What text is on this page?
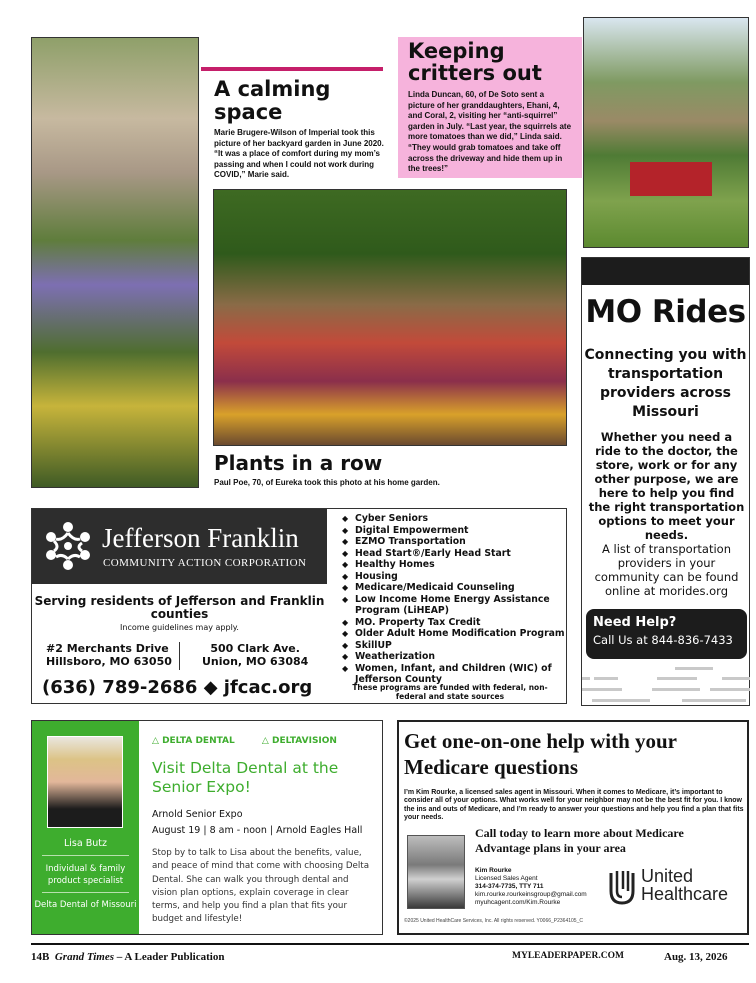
A calming space
Marie Brugere-Wilson of Imperial took this picture of her backyard garden in June 2020. “It was a place of comfort during my mom’s passing and when I could not work during COVID,” Marie said.
Keeping critters out
Linda Duncan, 60, of De Soto sent a picture of her granddaughters, Ehani, 4, and Coral, 2, visiting her “anti-squirrel” garden in July. “Last year, the squirrels ate more tomatoes than we did,” Linda said. “They would grab tomatoes and take off across the driveway and hide them up in the trees!”
Plants in a row
Paul Poe, 70, of Eureka took this photo at his home garden.
MO Rides
Connecting you with transportation providers across Missouri
Whether you need a ride to the doctor, the store, work or for any other purpose, we are here to help you find the right transportation options to meet your needs.
A list of transportation providers in your community can be found online at morides.org
Need Help?
Call Us at 844-836-7433
Jefferson Franklin
COMMUNITY ACTION CORPORATION
Serving residents of Jefferson and Franklin counties
Income guidelines may apply.
#2 Merchants Drive
Hillsboro, MO 63050
500 Clark Ave.
Union, MO 63084
(636) 789-2686 ◆ jfcac.org
◆ Cyber Seniors
◆ Digital Empowerment
◆ EZMO Transportation
◆ Head Start®/Early Head Start
◆ Healthy Homes
◆ Housing
◆ Medicare/Medicaid Counseling
◆ Low Income Home Energy Assistance Program (LiHEAP)
◆ MO. Property Tax Credit
◆ Older Adult Home Modification Program
◆ SkillUP
◆ Weatherization
◆ Women, Infant, and Children (WIC) of Jefferson County
These programs are funded with federal, non-federal and state sources
Lisa Butz
Individual & family product specialist
Delta Dental of Missouri
△ DELTA DENTAL	△ DELTAVISION
Visit Delta Dental at the Senior Expo!
Arnold Senior Expo
August 19 | 8 am - noon | Arnold Eagles Hall
Stop by to talk to Lisa about the benefits, value, and peace of mind that come with choosing Delta Dental. She can walk you through dental and vision plan options, explain coverage in clear terms, and help you find a plan that fits your budget and lifestyle!
Get one-on-one help with your Medicare questions
I’m Kim Rourke, a licensed sales agent in Missouri. When it comes to Medicare, it’s important to consider all of your options. What works well for your neighbor may not be the best fit for you. I know the ins and outs of Medicare, and I’m ready to answer your questions and help you find a plan that fits your needs.
Call today to learn more about Medicare Advantage plans in your area
Kim Rourke
Licensed Sales Agent
314-374-7735, TTY 711
kim.rourke.rourkeinsgroup@gmail.com
myuhcagent.com/Kim.Rourke
United
Healthcare
©2025 United HealthCare Services, Inc. All rights reserved. Y0066_P2364105_C
14B Grand Times – A Leader Publication	MYLEADERPAPER.COM	Aug. 13, 2026
